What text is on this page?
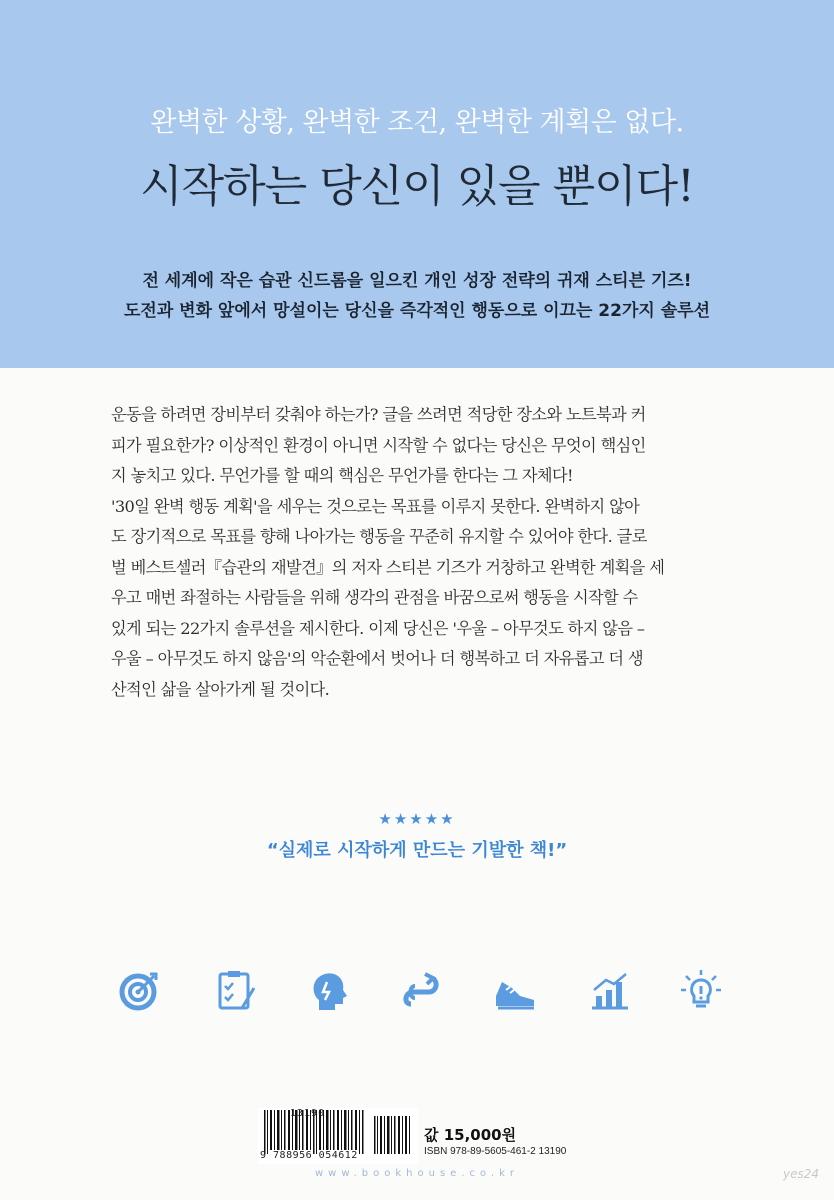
완벽한 상황, 완벽한 조건, 완벽한 계획은 없다.
시작하는 당신이 있을 뿐이다!
전 세계에 작은 습관 신드롬을 일으킨 개인 성장 전략의 귀재 스티븐 기즈!
도전과 변화 앞에서 망설이는 당신을 즉각적인 행동으로 이끄는 22가지 솔루션
운동을 하려면 장비부터 갖춰야 하는가? 글을 쓰려면 적당한 장소와 노트북과 커
피가 필요한가? 이상적인 환경이 아니면 시작할 수 없다는 당신은 무엇이 핵심인
지 놓치고 있다. 무언가를 할 때의 핵심은 무언가를 한다는 그 자체다!
'30일 완벽 행동 계획'을 세우는 것으로는 목표를 이루지 못한다. 완벽하지 않아
도 장기적으로 목표를 향해 나아가는 행동을 꾸준히 유지할 수 있어야 한다. 글로
벌 베스트셀러『습관의 재발견』의 저자 스티븐 기즈가 거창하고 완벽한 계획을 세
우고 매번 좌절하는 사람들을 위해 생각의 관점을 바꿈으로써 행동을 시작할 수
있게 되는 22가지 솔루션을 제시한다. 이제 당신은 '우울 – 아무것도 하지 않음 –
우울 – 아무것도 하지 않음'의 악순환에서 벗어나 더 행복하고 더 자유롭고 더 생
산적인 삶을 살아가게 될 것이다.
★★★★★
“실제로 시작하게 만드는 기발한 책!”
13190
9 788956 054612
값 15,000원
ISBN 978-89-5605-461-2 13190
www.bookhouse.co.kr	yes24
